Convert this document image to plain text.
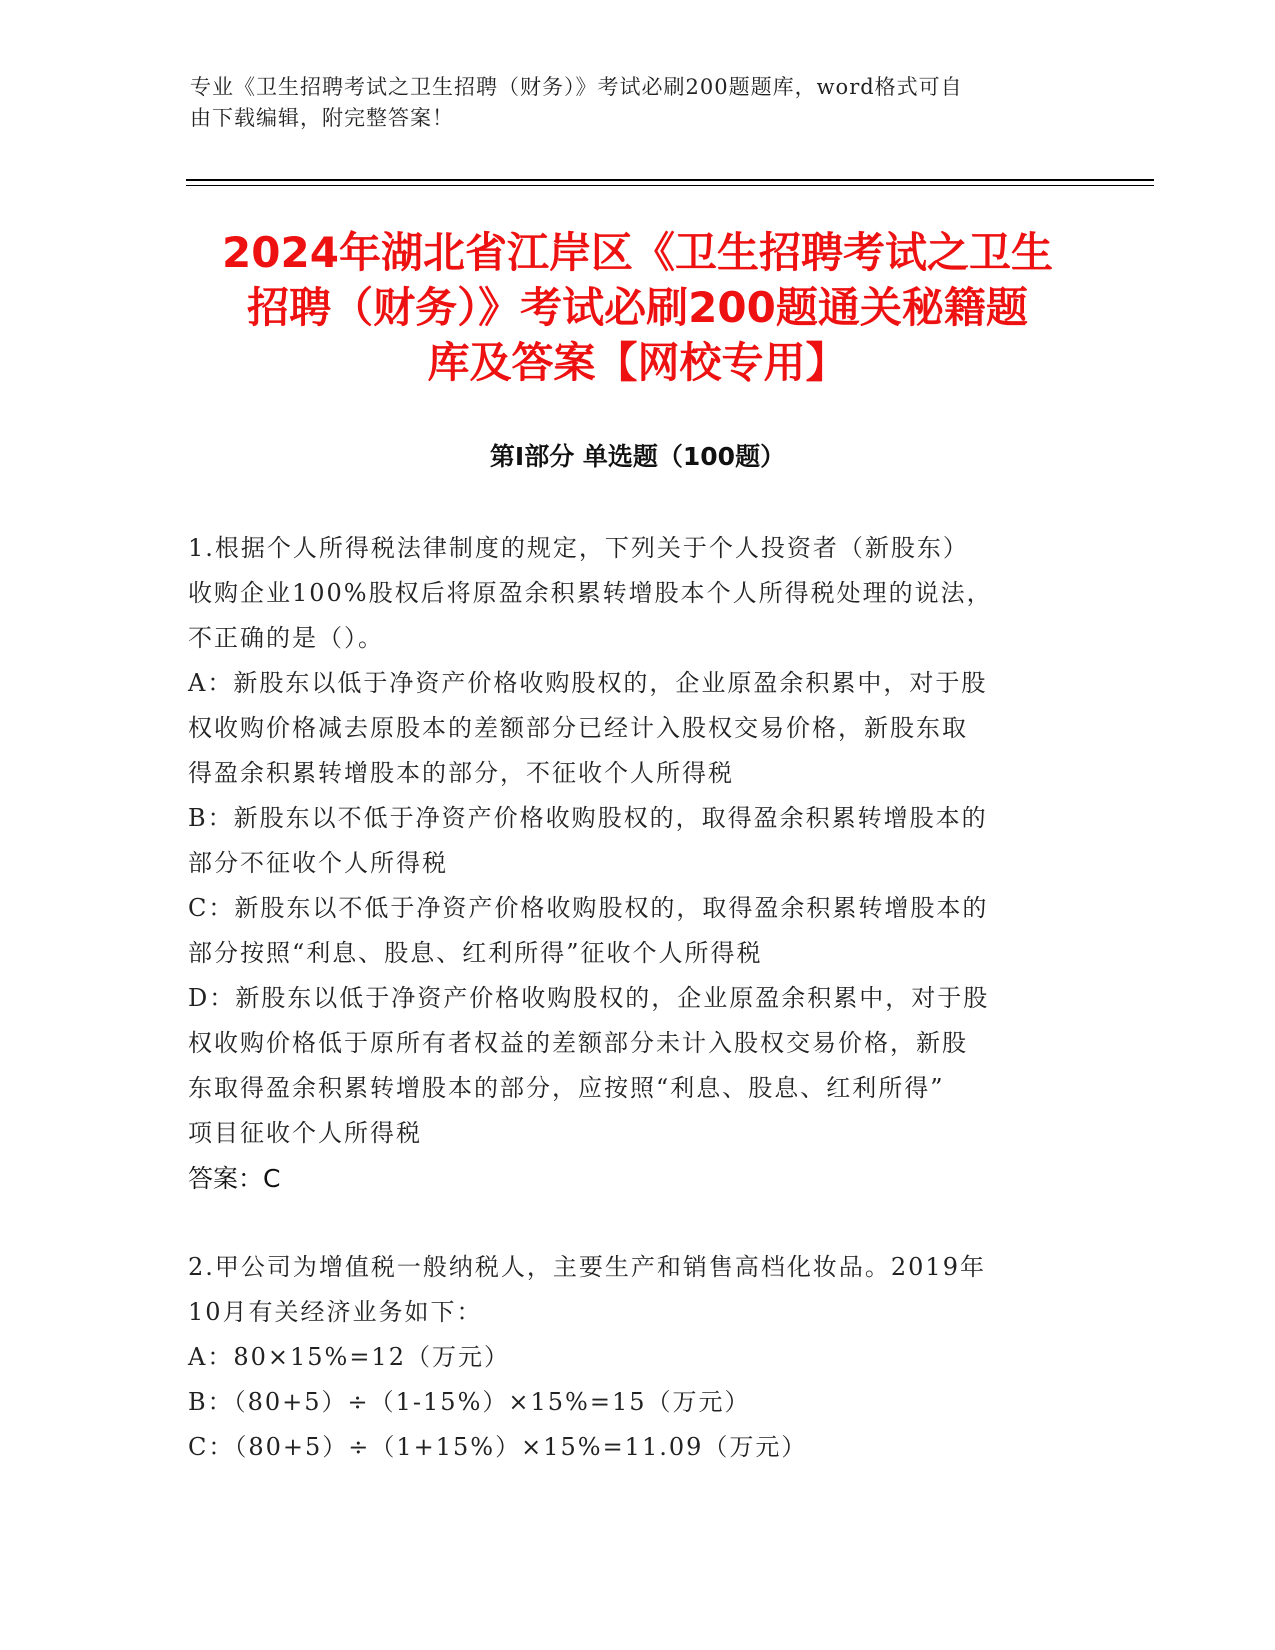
专业《卫生招聘考试之卫生招聘（财务）》考试必刷200题题库，word格式可自
由下载编辑，附完整答案！
2024年湖北省江岸区《卫生招聘考试之卫生
招聘（财务）》考试必刷200题通关秘籍题
库及答案【网校专用】
第Ⅰ部分 单选题（100题）
1.根据个人所得税法律制度的规定，下列关于个人投资者（新股东）
收购企业100%股权后将原盈余积累转增股本个人所得税处理的说法，
不正确的是（）。
A：新股东以低于净资产价格收购股权的，企业原盈余积累中，对于股
权收购价格减去原股本的差额部分已经计入股权交易价格，新股东取
得盈余积累转增股本的部分，不征收个人所得税
B：新股东以不低于净资产价格收购股权的，取得盈余积累转增股本的
部分不征收个人所得税
C：新股东以不低于净资产价格收购股权的，取得盈余积累转增股本的
部分按照“利息、股息、红利所得”征收个人所得税
D：新股东以低于净资产价格收购股权的，企业原盈余积累中，对于股
权收购价格低于原所有者权益的差额部分未计入股权交易价格，新股
东取得盈余积累转增股本的部分，应按照“利息、股息、红利所得”
项目征收个人所得税
答案：C
2.甲公司为增值税一般纳税人，主要生产和销售高档化妆品。2019年
10月有关经济业务如下：
A：80×15%=12（万元）
B：（80+5）÷（1-15%）×15%=15（万元）
C：（80+5）÷（1+15%）×15%=11.09（万元）
